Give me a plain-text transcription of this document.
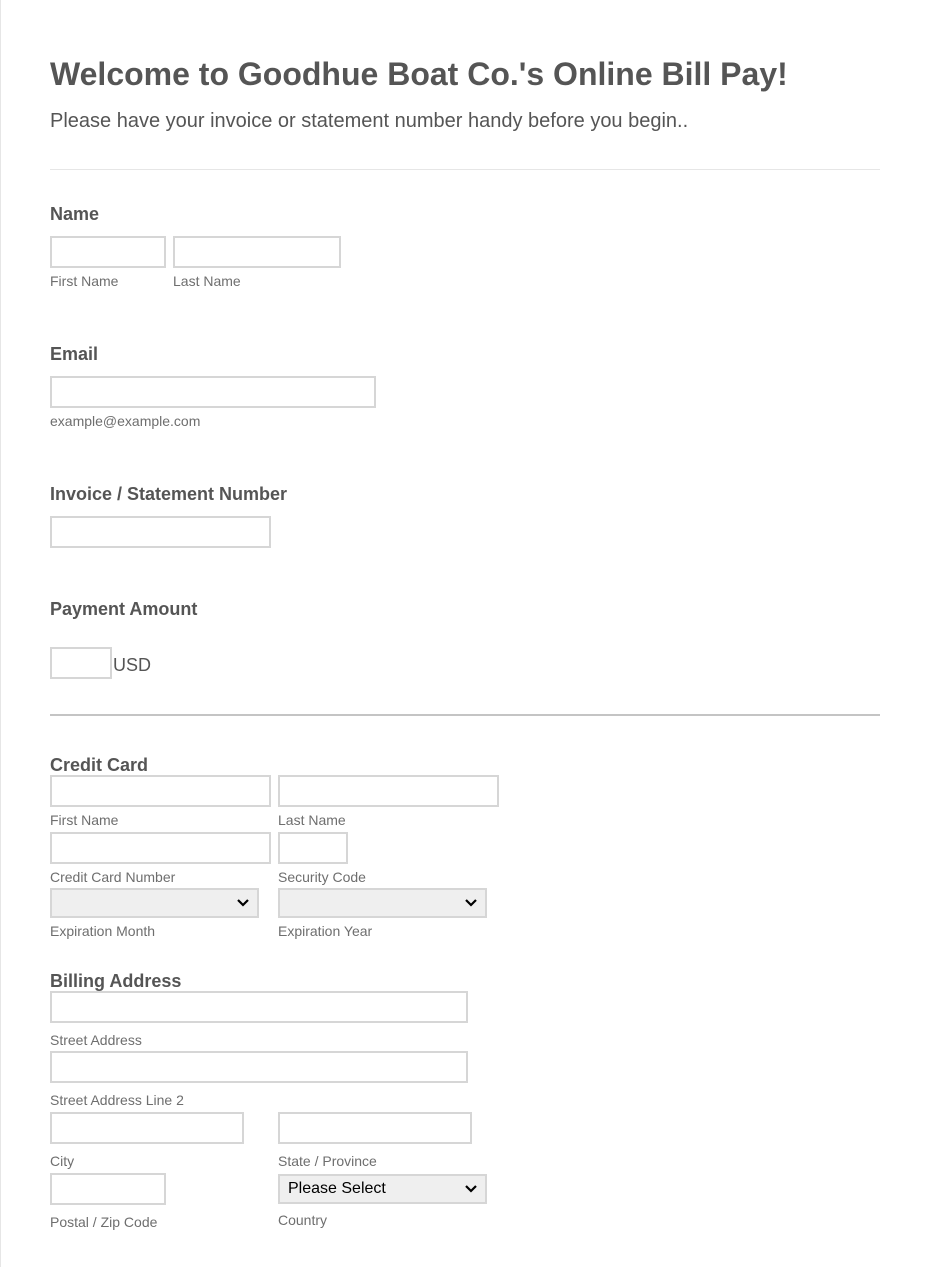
Welcome to Goodhue Boat Co.'s Online Bill Pay!
Please have your invoice or statement number handy before you begin..
Name
First Name	Last Name
Email
example@example.com
Invoice / Statement Number
Payment Amount
USD
Credit Card
First Name	Last Name
Credit Card Number	Security Code
Expiration Month	Expiration Year
Billing Address
Street Address
Street Address Line 2
City	State / Province
Please Select
Postal / Zip Code	Country
